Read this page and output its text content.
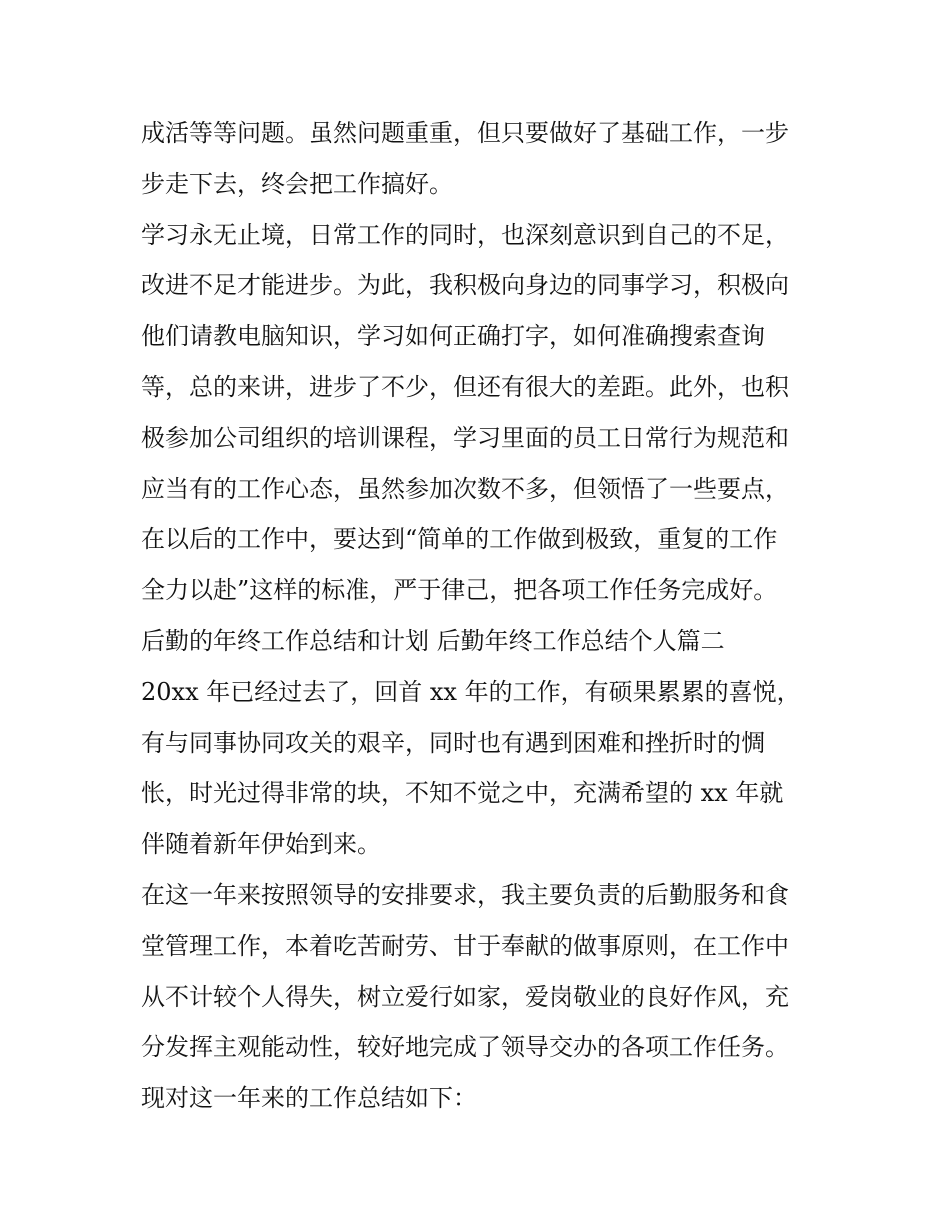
成活等等问题。虽然问题重重，但只要做好了基础工作，一步
步走下去，终会把工作搞好。
学习永无止境，日常工作的同时，也深刻意识到自己的不足，
改进不足才能进步。为此，我积极向身边的同事学习，积极向
他们请教电脑知识，学习如何正确打字，如何准确搜索查询
等，总的来讲，进步了不少，但还有很大的差距。此外，也积
极参加公司组织的培训课程，学习里面的员工日常行为规范和
应当有的工作心态，虽然参加次数不多，但领悟了一些要点，
在以后的工作中，要达到“简单的工作做到极致，重复的工作
全力以赴”这样的标准，严于律己，把各项工作任务完成好。
后勤的年终工作总结和计划 后勤年终工作总结个人篇二
20xx 年已经过去了，回首 xx 年的工作，有硕果累累的喜悦，
有与同事协同攻关的艰辛，同时也有遇到困难和挫折时的惆
怅，时光过得非常的块，不知不觉之中，充满希望的 xx 年就
伴随着新年伊始到来。
在这一年来按照领导的安排要求，我主要负责的后勤服务和食
堂管理工作，本着吃苦耐劳、甘于奉献的做事原则，在工作中
从不计较个人得失，树立爱行如家，爱岗敬业的良好作风，充
分发挥主观能动性，较好地完成了领导交办的各项工作任务。
现对这一年来的工作总结如下：
